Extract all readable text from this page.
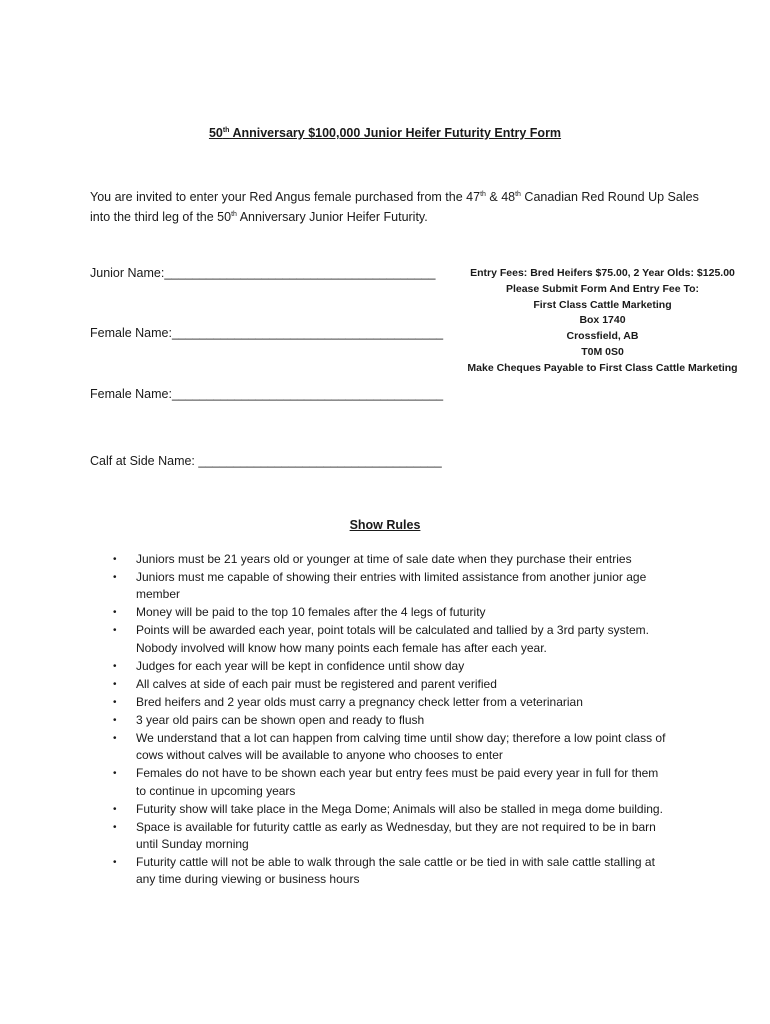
50th Anniversary $100,000 Junior Heifer Futurity Entry Form
You are invited to enter your Red Angus female purchased from the 47th & 48th Canadian Red Round Up Sales into the third leg of the 50th Anniversary Junior Heifer Futurity.
Junior Name:_______________________________________
Female Name:_______________________________________
Female Name:_______________________________________
Calf at Side Name: ___________________________________
Entry Fees: Bred Heifers $75.00, 2 Year Olds: $125.00
Please Submit Form And Entry Fee To:
First Class Cattle Marketing
Box 1740
Crossfield, AB
T0M 0S0
Make Cheques Payable to First Class Cattle Marketing
Show Rules
• Juniors must be 21 years old or younger at time of sale date when they purchase their entries
• Juniors must me capable of showing their entries with limited assistance from another junior age member
• Money will be paid to the top 10 females after the 4 legs of futurity
• Points will be awarded each year, point totals will be calculated and tallied by a 3rd party system. Nobody involved will know how many points each female has after each year.
• Judges for each year will be kept in confidence until show day
• All calves at side of each pair must be registered and parent verified
• Bred heifers and 2 year olds must carry a pregnancy check letter from a veterinarian
• 3 year old pairs can be shown open and ready to flush
• We understand that a lot can happen from calving time until show day; therefore a low point class of cows without calves will be available to anyone who chooses to enter
• Females do not have to be shown each year but entry fees must be paid every year in full for them to continue in upcoming years
• Futurity show will take place in the Mega Dome; Animals will also be stalled in mega dome building.
• Space is available for futurity cattle as early as Wednesday, but they are not required to be in barn until Sunday morning
• Futurity cattle will not be able to walk through the sale cattle or be tied in with sale cattle stalling at any time during viewing or business hours
